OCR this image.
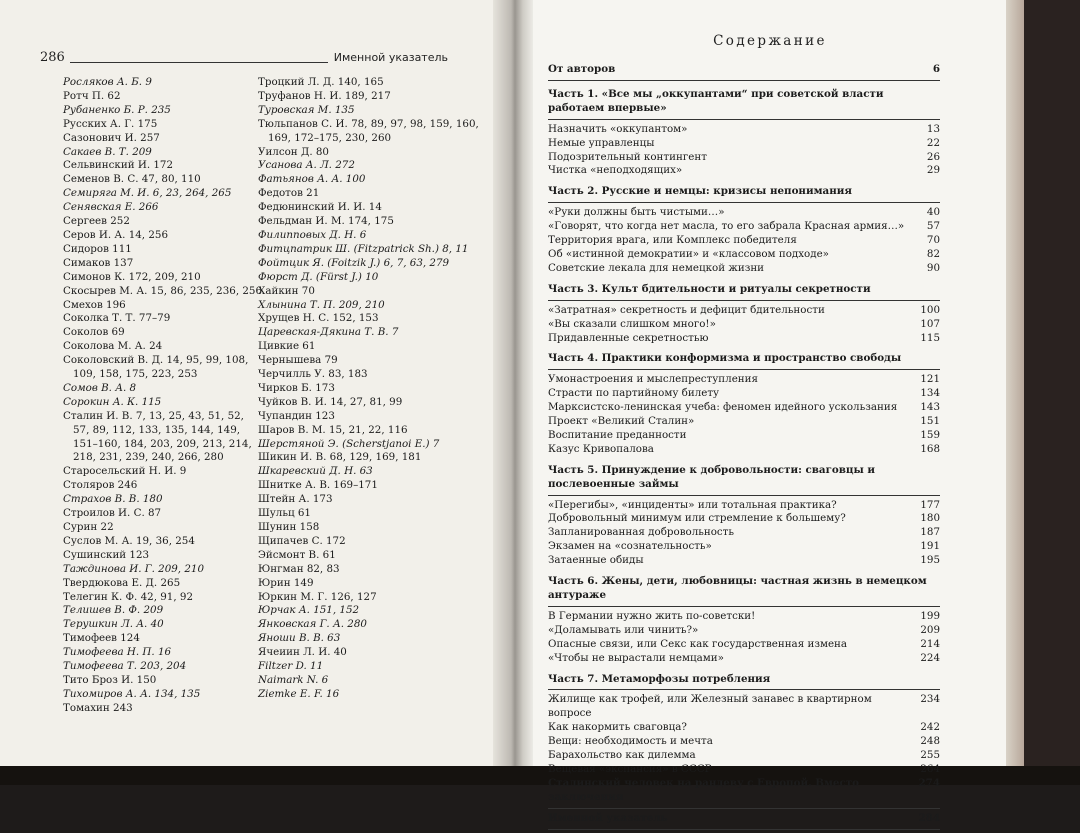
286	Именной указатель
Росляков А. Б. 9
Ротч П. 62
Рубаненко Б. Р. 235
Русских А. Г. 175
Сазонович И. 257
Сакаев В. Т. 209
Сельвинский И. 172
Семенов В. С. 47, 80, 110
Семиряга М. И. 6, 23, 264, 265
Сенявская Е. 266
Сергеев 252
Серов И. А. 14, 256
Сидоров 111
Симаков 137
Симонов К. 172, 209, 210
Скосырев М. А. 15, 86, 235, 236, 256
Смехов 196
Соколка Т. Т. 77–79
Соколов 69
Соколова М. А. 24
Соколовский В. Д. 14, 95, 99, 108, 109, 158, 175, 223, 253
Сомов В. А. 8
Сорокин А. К. 115
Сталин И. В. 7, 13, 25, 43, 51, 52, 57, 89, 112, 133, 135, 144, 149, 151–160, 184, 203, 209, 213, 214, 218, 231, 239, 240, 266, 280
Старосельский Н. И. 9
Столяров 246
Страхов В. В. 180
Строилов И. С. 87
Сурин 22
Суслов М. А. 19, 36, 254
Сушинский 123
Таждинова И. Г. 209, 210
Твердюкова Е. Д. 265
Телегин К. Ф. 42, 91, 92
Телишев В. Ф. 209
Терушкин Л. А. 40
Тимофеев 124
Тимофеева Н. П. 16
Тимофеева Т. 203, 204
Тито Броз И. 150
Тихомиров А. А. 134, 135
Томахин 243
Троцкий Л. Д. 140, 165
Труфанов Н. И. 189, 217
Туровская М. 135
Тюльпанов С. И. 78, 89, 97, 98, 159, 160, 169, 172–175, 230, 260
Уилсон Д. 80
Усанова А. Л. 272
Фатьянов А. А. 100
Федотов 21
Федюнинский И. И. 14
Фельдман И. М. 174, 175
Филипповых Д. Н. 6
Фитцпатрик Ш. (Fitzpatrick Sh.) 8, 11
Фойтцик Я. (Foitzik J.) 6, 7, 63, 279
Фюрст Д. (Fürst J.) 10
Хайкин 70
Хлынина Т. П. 209, 210
Хрущев Н. С. 152, 153
Царевская-Дякина Т. В. 7
Цивкие 61
Чернышева 79
Черчилль У. 83, 183
Чирков Б. 173
Чуйков В. И. 14, 27, 81, 99
Чупандин 123
Шаров В. М. 15, 21, 22, 116
Шерстяной Э. (Scherstjanoi E.) 7
Шикин И. В. 68, 129, 169, 181
Шкаревский Д. Н. 63
Шнитке А. В. 169–171
Штейн А. 173
Шульц 61
Шунин 158
Щипачев С. 172
Эйсмонт В. 61
Юнгман 82, 83
Юрин 149
Юркин М. Г. 126, 127
Юрчак А. 151, 152
Янковская Г. А. 280
Яноши В. В. 63
Ячеиин Л. И. 40
Filtzer D. 11
Naimark N. 6
Ziemke E. F. 16
Содержание
От авторов	6
Часть 1. «Все мы „оккупантами“ при советской власти работаем впервые»
Назначить «оккупантом»	13
Немые управленцы	22
Подозрительный контингент	26
Чистка «неподходящих»	29
Часть 2. Русские и немцы: кризисы непонимания
«Руки должны быть чистыми…»	40
«Говорят, что когда нет масла, то его забрала Красная армия…»	57
Территория врага, или Комплекс победителя	70
Об «истинной демократии» и «классовом подходе»	82
Советские лекала для немецкой жизни	90
Часть 3. Культ бдительности и ритуалы секретности
«Затратная» секретность и дефицит бдительности	100
«Вы сказали слишком много!»	107
Придавленные секретностью	115
Часть 4. Практики конформизма и пространство свободы
Умонастроения и мыслепреступления	121
Страсти по партийному билету	134
Марксистско-ленинская учеба: феномен идейного ускользания	143
Проект «Великий Сталин»	151
Воспитание преданности	159
Казус Кривопалова	168
Часть 5. Принуждение к добровольности: сваговцы и послевоенные займы
«Перегибы», «инциденты» или тотальная практика?	177
Добровольный минимум или стремление к большему?	180
Запланированная добровольность	187
Экзамен на «сознательность»	191
Затаенные обиды	195
Часть 6. Жены, дети, любовницы: частная жизнь в немецком антураже
В Германии нужно жить по-советски!	199
«Доламывать или чинить?»	209
Опасные связи, или Секс как государственная измена	214
«Чтобы не вырастали немцами»	224
Часть 7. Метаморфозы потребления
Жилище как трофей, или Железный занавес в квартирном вопросе
234
Как накормить сваговца?	242
Вещи: необходимость и мечта	248
Барахольство как дилемма	255
Вещевая «экспансия» в СССР	264
Сталинский человек на рандеву с Европой. Вместо заключения
274
Именной указатель	284
